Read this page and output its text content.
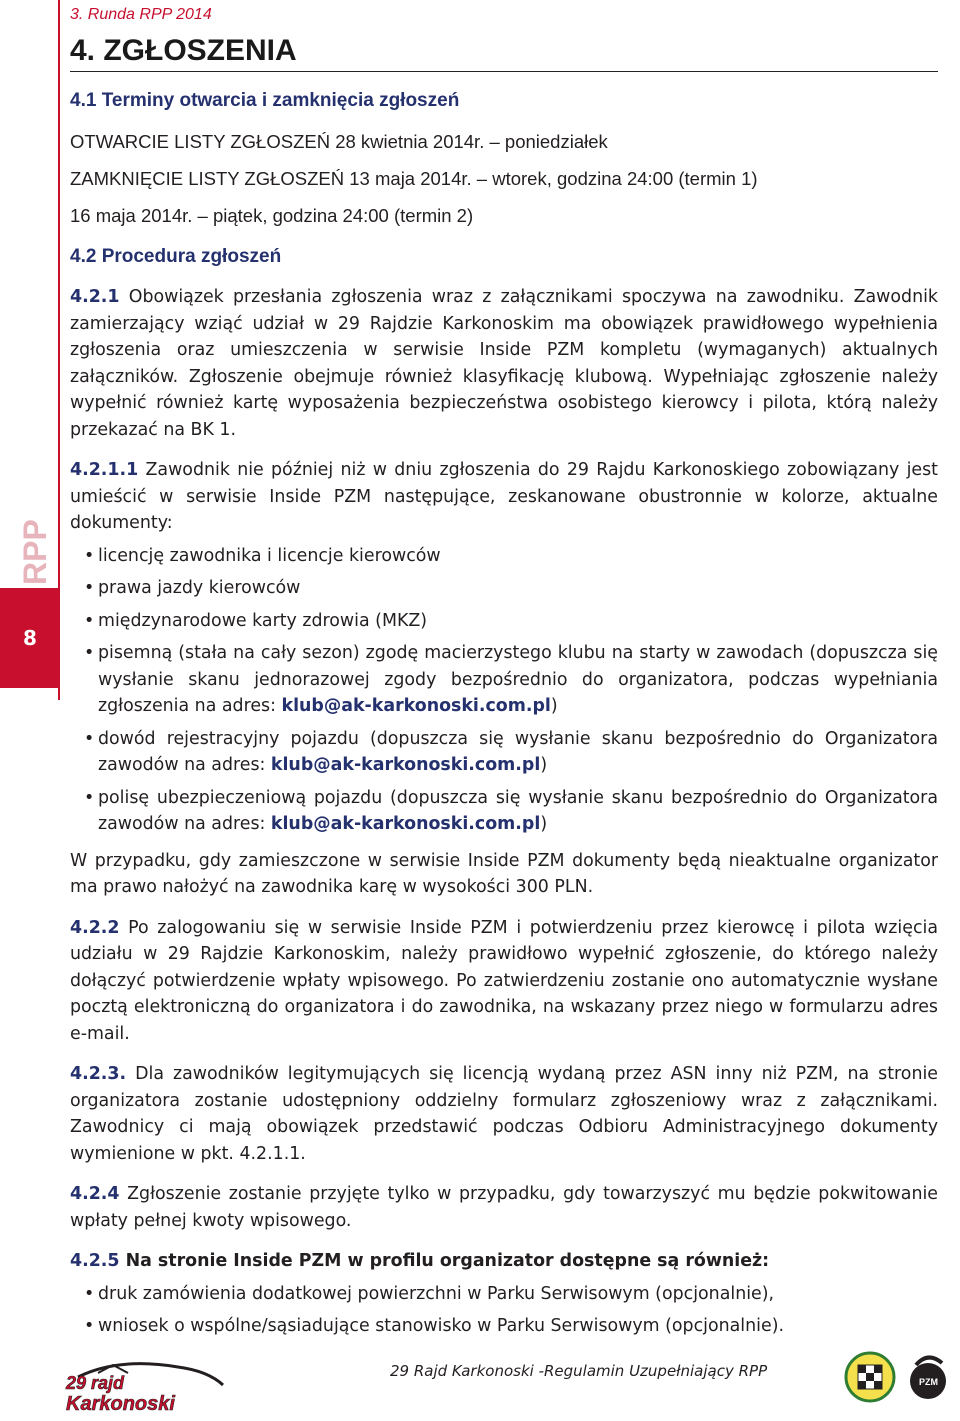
RPP
8
3. Runda RPP 2014
4. ZGŁOSZENIA

4.1 Terminy otwarcia i zamknięcia zgłoszeń

OTWARCIE LISTY ZGŁOSZEŃ 28 kwietnia 2014r. – poniedziałek

ZAMKNIĘCIE LISTY ZGŁOSZEŃ 13 maja 2014r. – wtorek, godzina 24:00 (termin 1)

16 maja 2014r. – piątek, godzina 24:00 (termin 2)

4.2 Procedura zgłoszeń

4.2.1 Obowiązek przesłania zgłoszenia wraz z załącznikami spoczywa na zawodniku. Zawodnik zamierzający wziąć udział w 29 Rajdzie Karkonoskim ma obowiązek prawidłowego wypełnienia zgłoszenia oraz umieszczenia w serwisie Inside PZM kompletu (wymaganych) aktualnych załączników. Zgłoszenie obejmuje również klasyfikację klubową. Wypełniając zgłoszenie należy wypełnić również kartę wyposażenia bezpieczeństwa osobistego kierowcy i pilota, którą należy przekazać na BK 1.

4.2.1.1 Zawodnik nie później niż w dniu zgłoszenia do 29 Rajdu Karkonoskiego zobowiązany jest umieścić w serwisie Inside PZM następujące, zeskanowane obustronnie w kolorze, aktualne dokumenty:

• licencję zawodnika i licencje kierowców
• prawa jazdy kierowców
• międzynarodowe karty zdrowia (MKZ)
• pisemną (stała na cały sezon) zgodę macierzystego klubu na starty w zawodach (dopuszcza się wysłanie skanu jednorazowej zgody bezpośrednio do organizatora, podczas wypełniania zgłoszenia na adres: klub@ak-karkonoski.com.pl)
• dowód rejestracyjny pojazdu (dopuszcza się wysłanie skanu bezpośrednio do Organizatora zawodów na adres: klub@ak-karkonoski.com.pl)
• polisę ubezpieczeniową pojazdu (dopuszcza się wysłanie skanu bezpośrednio do Organizatora zawodów na adres: klub@ak-karkonoski.com.pl)

W przypadku, gdy zamieszczone w serwisie Inside PZM dokumenty będą nieaktualne organizator ma prawo nałożyć na zawodnika karę w wysokości 300 PLN.

4.2.2 Po zalogowaniu się w serwisie Inside PZM i potwierdzeniu przez kierowcę i pilota wzięcia udziału w 29 Rajdzie Karkonoskim, należy prawidłowo wypełnić zgłoszenie, do którego należy dołączyć potwierdzenie wpłaty wpisowego. Po zatwierdzeniu zostanie ono automatycznie wysłane pocztą elektroniczną do organizatora i do zawodnika, na wskazany przez niego w formularzu adres e-mail.

4.2.3. Dla zawodników legitymujących się licencją wydaną przez ASN inny niż PZM, na stronie organizatora zostanie udostępniony oddzielny formularz zgłoszeniowy wraz z załącznikami. Zawodnicy ci mają obowiązek przedstawić podczas Odbioru Administracyjnego dokumenty wymienione w pkt. 4.2.1.1.

4.2.4 Zgłoszenie zostanie przyjęte tylko w przypadku, gdy towarzyszyć mu będzie pokwitowanie wpłaty pełnej kwoty wpisowego.

4.2.5 Na stronie Inside PZM w profilu organizator dostępne są również:

• druk zamówienia dodatkowej powierzchni w Parku Serwisowym (opcjonalnie),
• wniosek o wspólne/sąsiadujące stanowisko w Parku Serwisowym (opcjonalnie).
29 rajd
Karkonoski
29 Rajd Karkonoski -Regulamin Uzupełniający RPP
PZM
